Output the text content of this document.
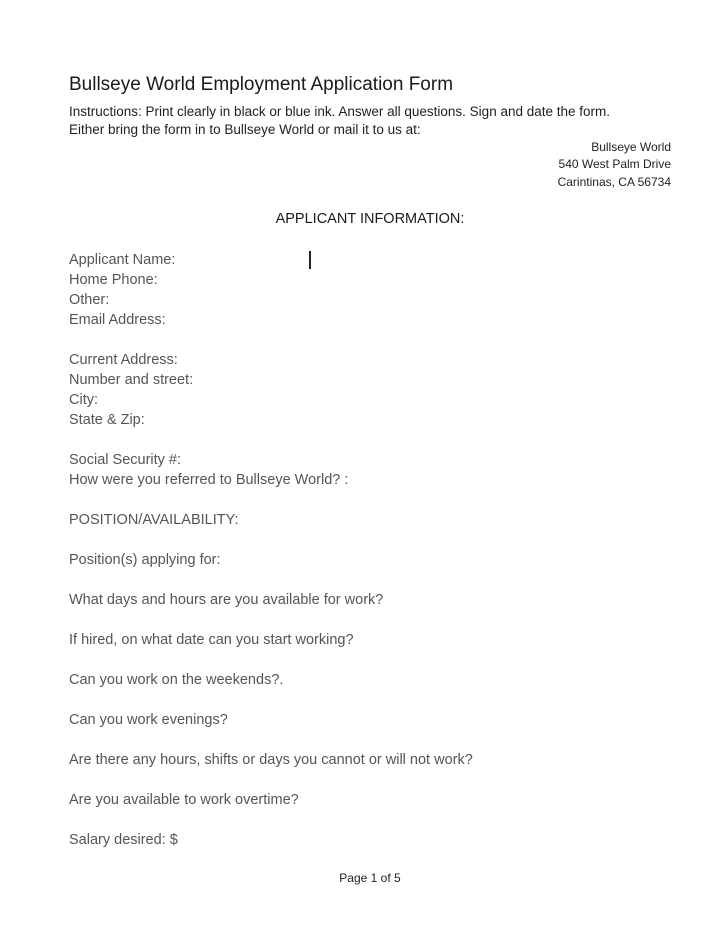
Bullseye World Employment Application Form
Instructions: Print clearly in black or blue ink. Answer all questions. Sign and date the form.
Either bring the form in to Bullseye World or mail it to us at:
Bullseye World
540 West Palm Drive
Carintinas, CA 56734
APPLICANT INFORMATION:
Applicant Name:
Home Phone:
Other:
Email Address:
Current Address:
Number and street:
City:
State & Zip:
Social Security #:
How were you referred to Bullseye World? :
POSITION/AVAILABILITY:
Position(s) applying for:
What days and hours are you available for work?
If hired, on what date can you start working?
Can you work on the weekends?.
Can you work evenings?
Are there any hours, shifts or days you cannot or will not work?
Are you available to work overtime?
Salary desired: $
Page 1 of 5
